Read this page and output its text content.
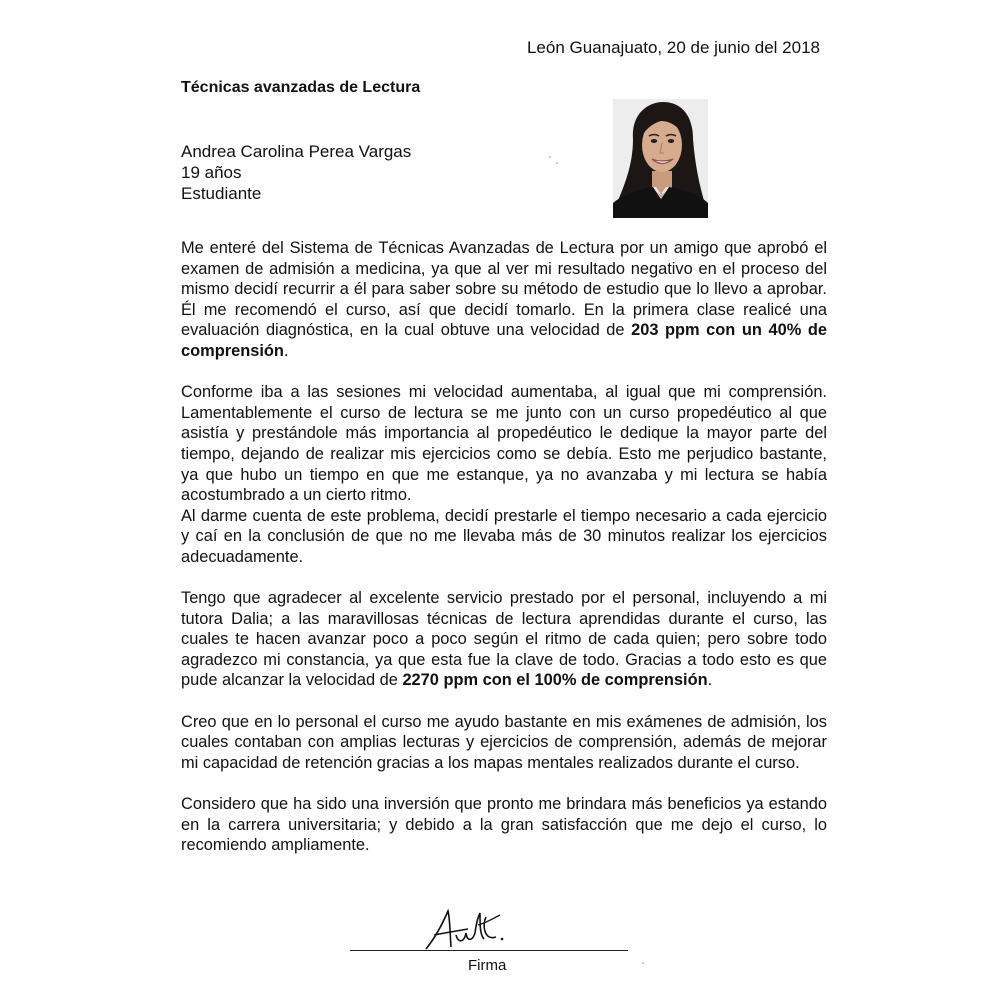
León Guanajuato, 20 de junio del 2018
Técnicas avanzadas de Lectura
Andrea Carolina Perea Vargas
19 años
Estudiante

Me enteré del Sistema de Técnicas Avanzadas de Lectura por un amigo que aprobó el examen de admisión a medicina, ya que al ver mi resultado negativo en el proceso del mismo decidí recurrir a él para saber sobre su método de estudio que lo llevo a aprobar. Él me recomendó el curso, así que decidí tomarlo. En la primera clase realicé una evaluación diagnóstica, en la cual obtuve una velocidad de 203 ppm con un 40% de comprensión.

Conforme iba a las sesiones mi velocidad aumentaba, al igual que mi comprensión. Lamentablemente el curso de lectura se me junto con un curso propedéutico al que asistía y prestándole más importancia al propedéutico le dedique la mayor parte del tiempo, dejando de realizar mis ejercicios como se debía. Esto me perjudico bastante, ya que hubo un tiempo en que me estanque, ya no avanzaba y mi lectura se había acostumbrado a un cierto ritmo.

Al darme cuenta de este problema, decidí prestarle el tiempo necesario a cada ejercicio y caí en la conclusión de que no me llevaba más de 30 minutos realizar los ejercicios adecuadamente.

Tengo que agradecer al excelente servicio prestado por el personal, incluyendo a mi tutora Dalia; a las maravillosas técnicas de lectura aprendidas durante el curso, las cuales te hacen avanzar poco a poco según el ritmo de cada quien; pero sobre todo agradezco mi constancia, ya que esta fue la clave de todo. Gracias a todo esto es que pude alcanzar la velocidad de 2270 ppm con el 100% de comprensión.

Creo que en lo personal el curso me ayudo bastante en mis exámenes de admisión, los cuales contaban con amplias lecturas y ejercicios de comprensión, además de mejorar mi capacidad de retención gracias a los mapas mentales realizados durante el curso.

Considero que ha sido una inversión que pronto me brindara más beneficios ya estando en la carrera universitaria; y debido a la gran satisfacción que me dejo el curso, lo recomiendo ampliamente.

Firma
